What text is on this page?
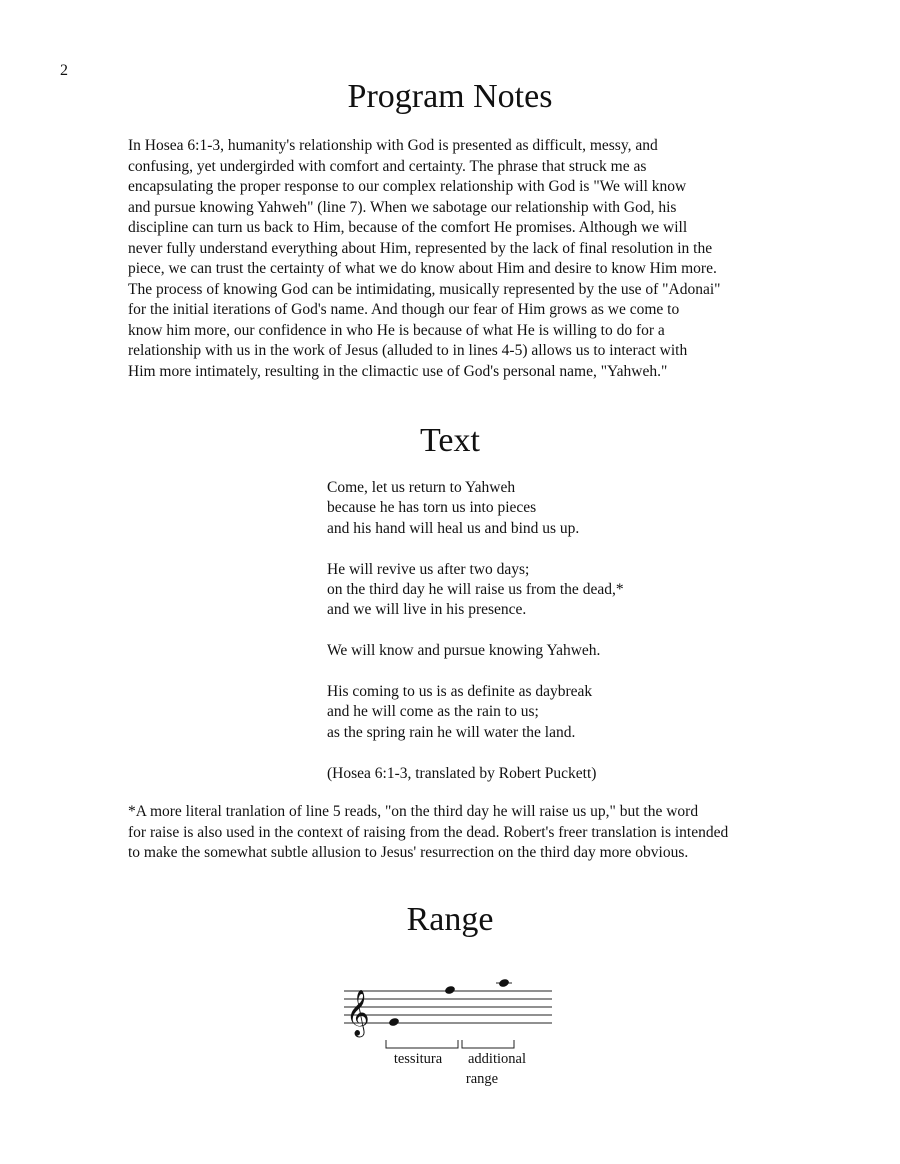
2
Program Notes
In Hosea 6:1-3, humanity's relationship with God is presented as difficult, messy, and
confusing, yet undergirded with comfort and certainty. The phrase that struck me as
encapsulating the proper response to our complex relationship with God is "We will know
and pursue knowing Yahweh" (line 7). When we sabotage our relationship with God, his
discipline can turn us back to Him, because of the comfort He promises. Although we will
never fully understand everything about Him, represented by the lack of final resolution in the
piece, we can trust the certainty of what we do know about Him and desire to know Him more.
The process of knowing God can be intimidating, musically represented by the use of "Adonai"
for the initial iterations of God's name. And though our fear of Him grows as we come to
know him more, our confidence in who He is because of what He is willing to do for a
relationship with us in the work of Jesus (alluded to in lines 4-5) allows us to interact with
Him more intimately, resulting in the climactic use of God's personal name, "Yahweh."
Text
Come, let us return to Yahweh
because he has torn us into pieces
and his hand will heal us and bind us up.
He will revive us after two days;
on the third day he will raise us from the dead,*
and we will live in his presence.
We will know and pursue knowing Yahweh.
His coming to us is as definite as daybreak
and he will come as the rain to us;
as the spring rain he will water the land.
(Hosea 6:1-3, translated by Robert Puckett)
*A more literal tranlation of line 5 reads, "on the third day he will raise us up," but the word
for raise is also used in the context of raising from the dead. Robert's freer translation is intended
to make the somewhat subtle allusion to Jesus' resurrection on the third day more obvious.
Range
𝄞
tessitura	additional
range
